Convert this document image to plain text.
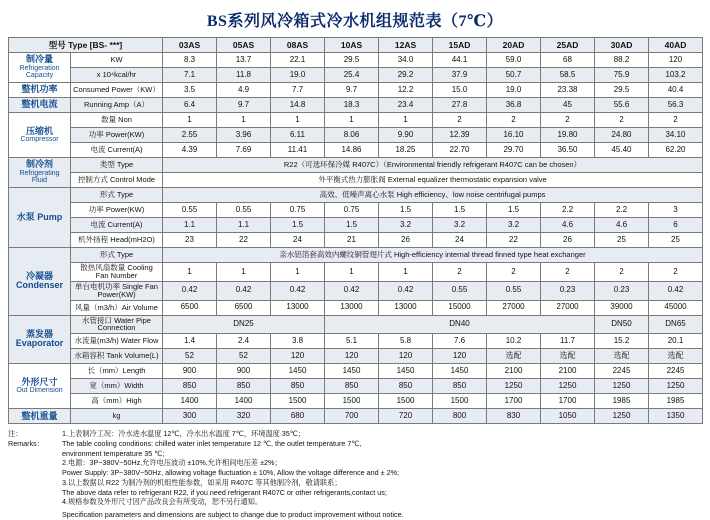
BS系列风冷箱式冷水机组规范表（7℃）
型号 Type [BS- ***]		03AS	05AS	08AS	10AS	12AS	15AD	20AD	25AD	30AD	40AD

制冷量
Refrigeration Capacity	KW	8.3	13.7	22.1	29.5	34.0	44.1	59.0	68	88.2	120
	x 10⁴kcal/hr	7.1	11.8	19.0	25.4	29.2	37.9	50.7	58.5	75.9	103.2

整机功率	Consumed Power（KW）	3.5	4.9	7.7	9.7	12.2	15.0	19.0	23.38	29.5	40.4

整机电流	Running Amp（A）	6.4	9.7	14.8	18.3	23.4	27.8	36.8	45	55.6	56.3

压缩机
Compressor	数量 Non	1	1	1	1	1	2	2	2	2	2
	功率 Power(KW)	2.55	3.96	6.11	8.06	9.90	12.39	16.10	19.80	24.80	34.10
	电流 Current(A)	4.39	7.69	11.41	14.86	18.25	22.70	29.70	36.50	45.40	62.20

制冷剂
Refrigerating Fluid	类型 Type	R22（可选环保冷媒 R407C）（Environmental friendly refrigerant R407C can be chosen）									
	控制方式 Control Mode	外平衡式热力膨胀阀 External equalizer thermostatic expansion valve									

水泵 Pump	形式 Type	高效、低噪声离心水泵 High efficiency、low noise centrifugal pumps									
	功率 Power(KW)	0.55	0.55	0.75	0.75	1.5	1.5	1.5	2.2	2.2	3
	电流 Current(A)	1.1	1.1	1.5	1.5	3.2	3.2	3.2	4.6	4.6	6
	机外扬程 Head(mH2O)	23	22	24	21	26	24	22	26	25	25

冷凝器 Condenser	形式 Type	亲水铝箔套高效内螺纹铜管翅片式 High-efficiency internal thread finned type heat exchanger									
	散热风扇数量 Cooling Fan Number	1	1	1	1	1	2	2	2	2	2
	单台电机功率 Single Fan Power(KW)	0.42	0.42	0.42	0.42	0.42	0.55	0.55	0.23	0.23	0.42
	风量（m3/h）Air Volume	6500	6500	13000	13000	13000	15000	27000	27000	39000	45000

蒸发器 Evaporator	水管接口 Water Pipe Connection	DN25			DN40					DN50	DN65
	水流量(m3/h) Water Flow	1.4	2.4	3.8	5.1	5.8	7.6	10.2	11.7	15.2	20.1
	水箱容积 Tank Volume(L)	52	52	120	120	120	120	选配	选配	选配	选配

外形尺寸
Out Dimension	长（mm）Length	900	900	1450	1450	1450	1450	2100	2100	2245	2245
	宽（mm）Width	850	850	850	850	850	850	1250	1250	1250	1250
	高（mm）High	1400	1400	1500	1500	1500	1500	1700	1700	1985	1985

整机重量	kg	300	320	680	700	720	800	830	1050	1250	1350
注：
Remarks：
1.上表制冷工况：冷水进水温度 12℃，冷水出水温度 7℃，环境温度 35℃；
The table cooling conditions: chilled water inlet temperature 12 ℃, the outlet temperature 7℃,
environment temperature 35 ℃;
2.电源：3P~380V~50Hz,允许电压波动 ±10%,允许相间电压差 ±2%；
Power Supply: 3P~380V~50Hz, allowing voltage fluctuation ± 10%, Allow the voltage difference and ± 2%;
3.以上数据以 R22 为制冷剂的机组性能参数，如采用 R407C 等其他制冷剂，敬请联系；
The above data refer to refrigerant R22, if you need refrigerant R407C or other refrigerants,contact us;
4.规格参数及外形尺寸因产品改良会有所变动，恕不另行通知。
Specification parameters and dimensions are subject to change due to product improvement without notice.
